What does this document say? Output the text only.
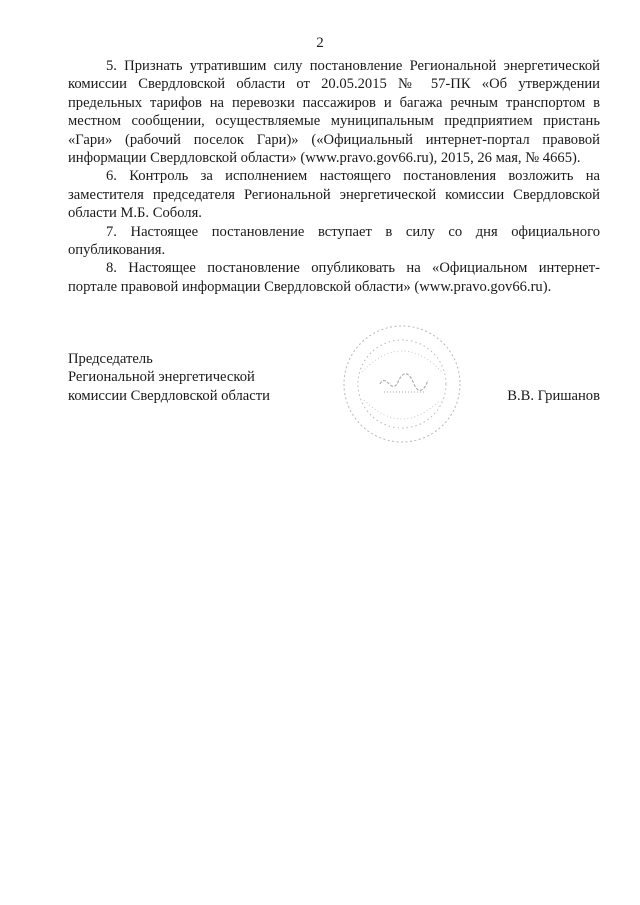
2

5. Признать утратившим силу постановление Региональной энергетической комиссии Свердловской области от 20.05.2015 № 57-ПК «Об утверждении предельных тарифов на перевозки пассажиров и багажа речным транспортом в местном сообщении, осуществляемые муниципальным предприятием пристань «Гари» (рабочий поселок Гари)» («Официальный интернет-портал правовой информации Свердловской области» (www.pravo.gov66.ru), 2015, 26 мая, № 4665).

6. Контроль за исполнением настоящего постановления возложить на заместителя председателя Региональной энергетической комиссии Свердловской области М.Б. Соболя.

7. Настоящее постановление вступает в силу со дня официального опубликования.

8. Настоящее постановление опубликовать на «Официальном интернет-портале правовой информации Свердловской области» (www.pravo.gov66.ru).

Председатель
Региональной энергетической
комиссии Свердловской области	В.В. Гришанов
